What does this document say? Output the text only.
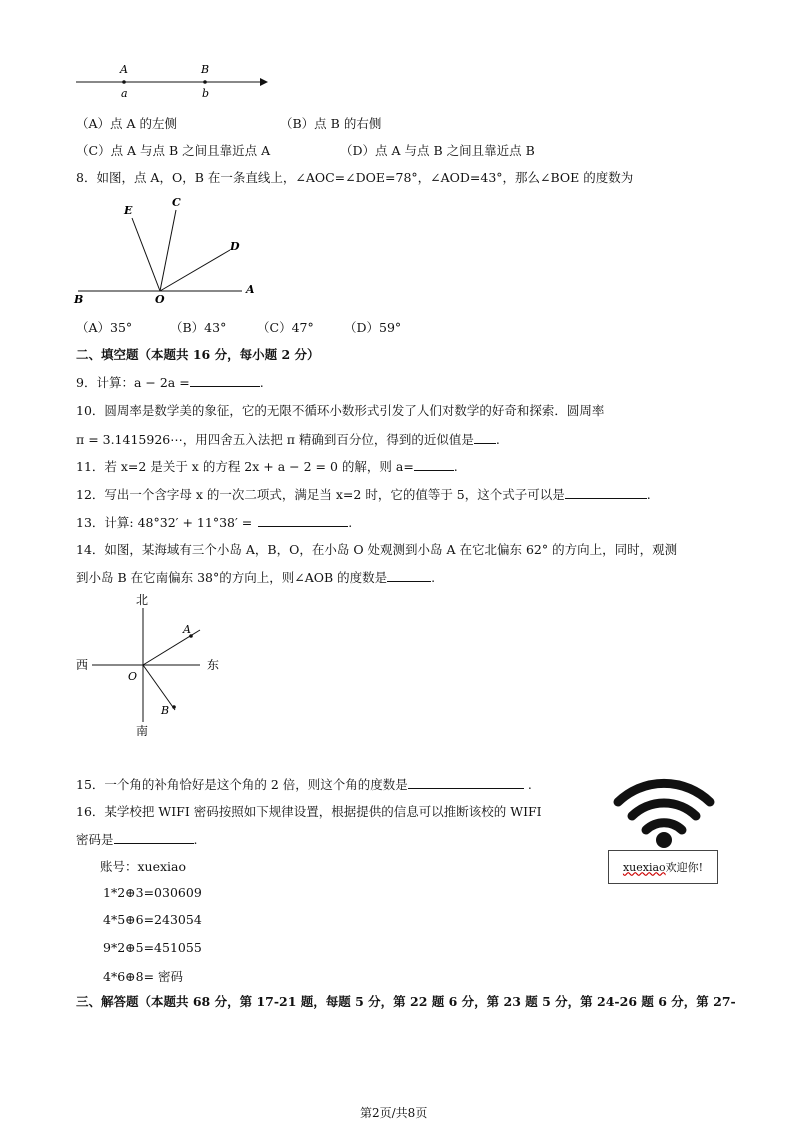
A	B
a	b
（A）点 A 的左侧	（B）点 B 的右侧
（C）点 A 与点 B 之间且靠近点 A	（D）点 A 与点 B 之间且靠近点 B
8．如图，点 A，O，B 在一条直线上，∠AOC=∠DOE=78°，∠AOD=43°，那么∠BOE 的度数为
E
C
D
B	O
A
（A）35°	（B）43° （C）47° （D）59°
二、填空题（本题共 16 分，每小题 2 分）
9．计算：a − 2a =	.
10．圆周率是数学美的象征，它的无限不循环小数形式引发了人们对数学的好奇和探索．圆周率
π = 3.1415926⋯，用四舍五入法把 π 精确到百分位，得到的近似值是 .
11．若 x=2 是关于 x 的方程 2x + a − 2 = 0 的解，则 a=	.
12．写出一个含字母 x 的一次二项式，满足当 x=2 时，它的值等于 5，这个式子可以是	.
13．计算: 48°32′ + 11°38′ =	.
14．如图，某海域有三个小岛 A，B，O，在小岛 O 处观测到小岛 A 在它北偏东 62° 的方向上，同时，观测
到小岛 B 在它南偏东 38°的方向上，则∠AOB 的度数是	.
北
南
西	东
O
A
B
15．一个角的补角恰好是这个角的 2 倍，则这个角的度数是	.
16．某学校把 WIFI 密码按照如下规律设置，根据提供的信息可以推断该校的 WIFI
密码是	.
账号：xuexiao
1*2⊕3=030609
4*5⊕6=243054
9*2⊕5=451055
4*6⊕8= 密码
xuexiao 欢迎你!
三、解答题（本题共 68 分，第 17-21 题，每题 5 分，第 22 题 6 分，第 23 题 5 分，第 24-26 题 6 分，第 27-
第2页/共8页
